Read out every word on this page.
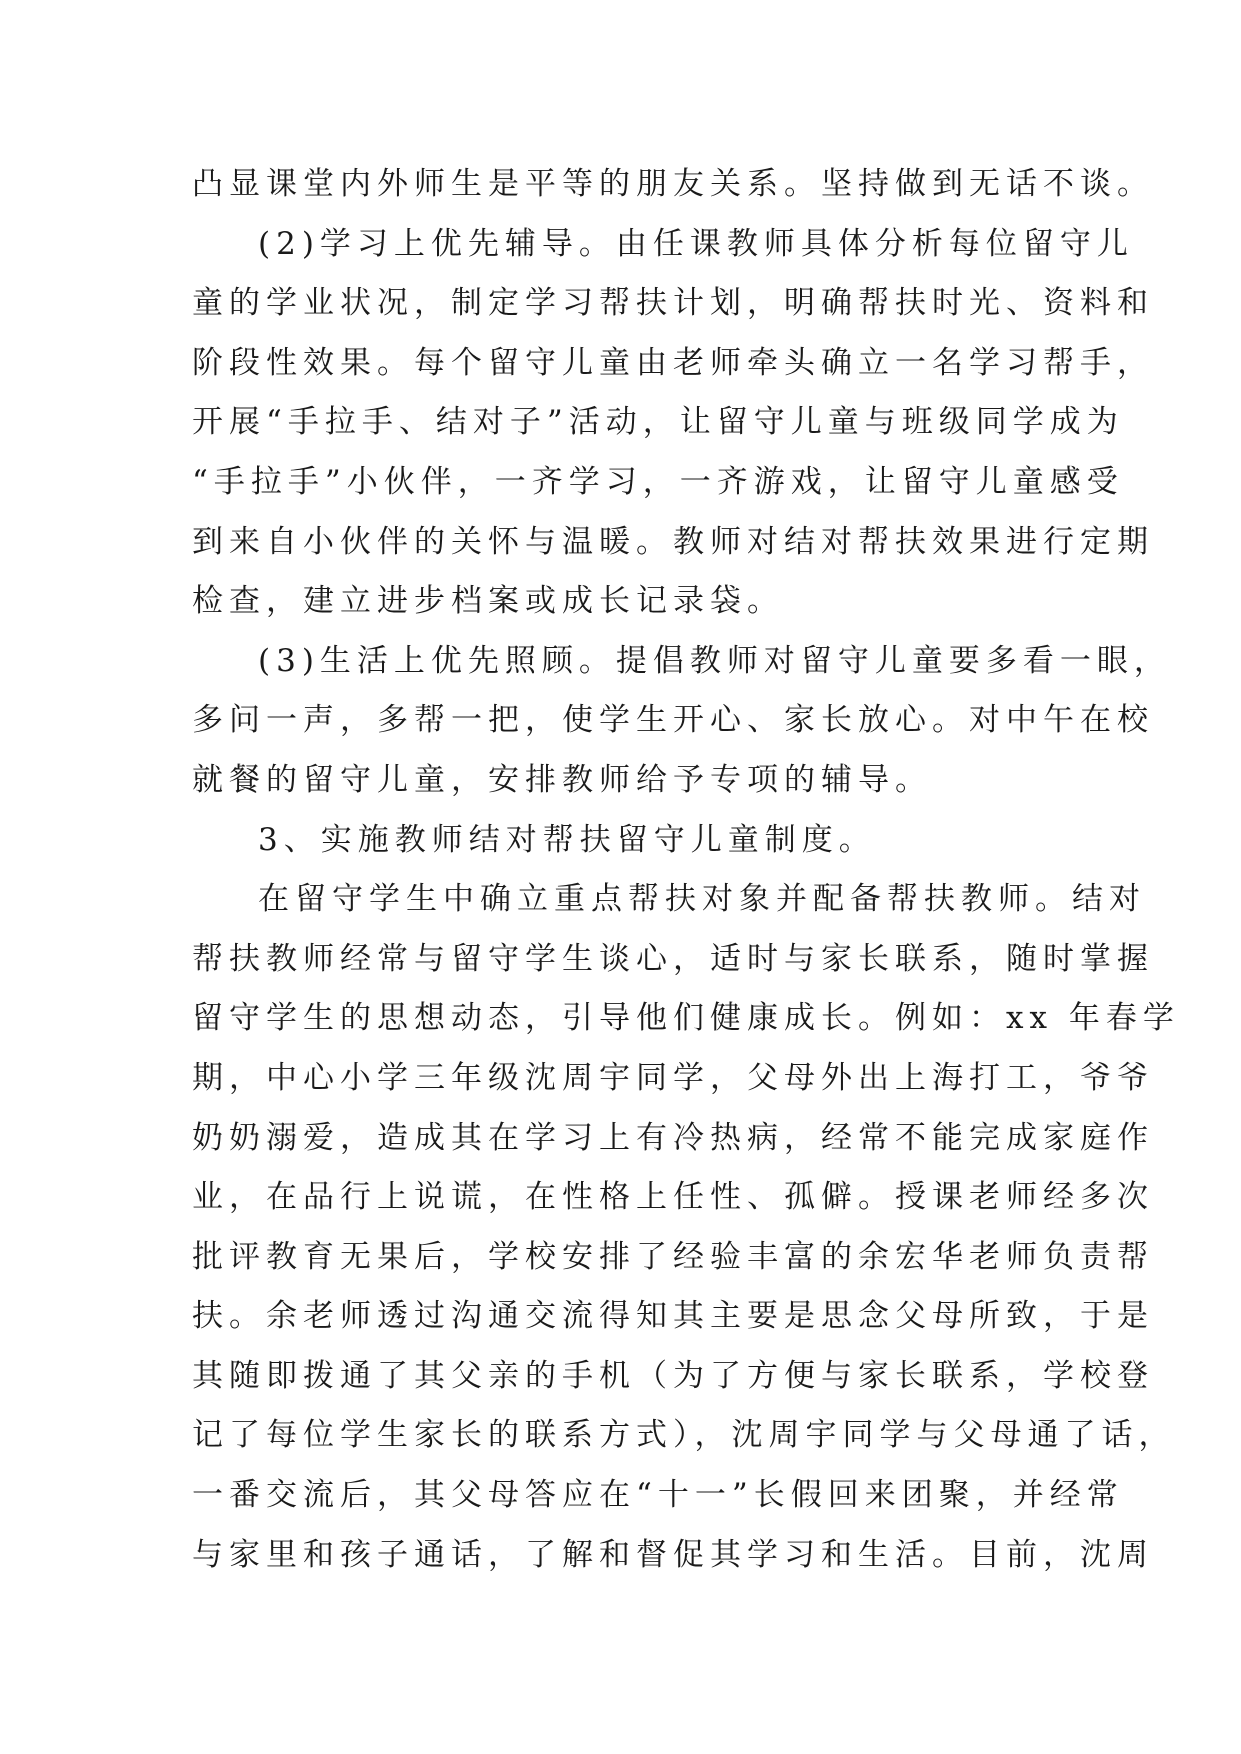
凸显课堂内外师生是平等的朋友关系。坚持做到无话不谈。
(2)学习上优先辅导。由任课教师具体分析每位留守儿
童的学业状况，制定学习帮扶计划，明确帮扶时光、资料和
阶段性效果。每个留守儿童由老师牵头确立一名学习帮手，
开展“手拉手、结对子”活动，让留守儿童与班级同学成为
“手拉手”小伙伴，一齐学习，一齐游戏，让留守儿童感受
到来自小伙伴的关怀与温暖。教师对结对帮扶效果进行定期
检查，建立进步档案或成长记录袋。
(3)生活上优先照顾。提倡教师对留守儿童要多看一眼，
多问一声，多帮一把，使学生开心、家长放心。对中午在校
就餐的留守儿童，安排教师给予专项的辅导。
3、实施教师结对帮扶留守儿童制度。
在留守学生中确立重点帮扶对象并配备帮扶教师。结对
帮扶教师经常与留守学生谈心，适时与家长联系，随时掌握
留守学生的思想动态，引导他们健康成长。例如：xx 年春学
期，中心小学三年级沈周宇同学，父母外出上海打工，爷爷
奶奶溺爱，造成其在学习上有冷热病，经常不能完成家庭作
业，在品行上说谎，在性格上任性、孤僻。授课老师经多次
批评教育无果后，学校安排了经验丰富的余宏华老师负责帮
扶。余老师透过沟通交流得知其主要是思念父母所致，于是
其随即拨通了其父亲的手机（为了方便与家长联系，学校登
记了每位学生家长的联系方式），沈周宇同学与父母通了话，
一番交流后，其父母答应在“十一”长假回来团聚，并经常
与家里和孩子通话，了解和督促其学习和生活。目前，沈周
